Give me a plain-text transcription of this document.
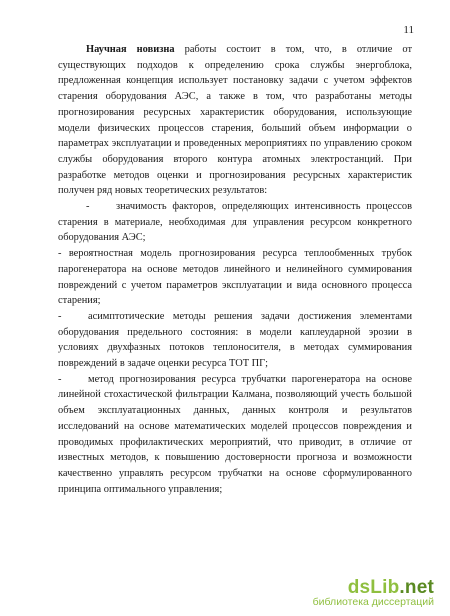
11

Научная новизна работы состоит в том, что, в отличие от существующих подходов к определению срока службы энергоблока, предложенная концепция использует постановку задачи с учетом эффектов старения оборудования АЭС, а также в том, что разработаны методы прогнозирования ресурсных характеристик оборудования, использующие модели физических процессов старения, больший объем информации о параметрах эксплуатации и проведенных мероприятиях по управлению сроком службы оборудования второго контура атомных электростанций. При разработке методов оценки и прогнозирования ресурсных характеристик получен ряд новых теоретических результатов:

-	значимость факторов, определяющих интенсивность процессов старения в материале, необходимая для управления ресурсом конкретного оборудования АЭС;

- вероятностная модель прогнозирования ресурса теплообменных трубок парогенератора на основе методов линейного и нелинейного суммирования повреждений с учетом параметров эксплуатации и вида основного процесса старения;

-	асимптотические методы решения задачи достижения элементами оборудования предельного состояния: в модели каплеударной эрозии в условиях двухфазных потоков теплоносителя, в методах суммирования повреждений в задаче оценки ресурса ТОТ ПГ;

-	метод прогнозирования ресурса трубчатки парогенератора на основе линейной стохастической фильтрации Калмана, позволяющий учесть большой объем эксплуатационных данных, данных контроля и результатов исследований на основе математических моделей процессов повреждения и проводимых профилактических мероприятий, что приводит, в отличие от известных методов, к повышению достоверности прогноза и возможности качественно управлять ресурсом трубчатки на основе сформулированного принципа оптимального управления;

dsLib.net
библиотека диссертаций
